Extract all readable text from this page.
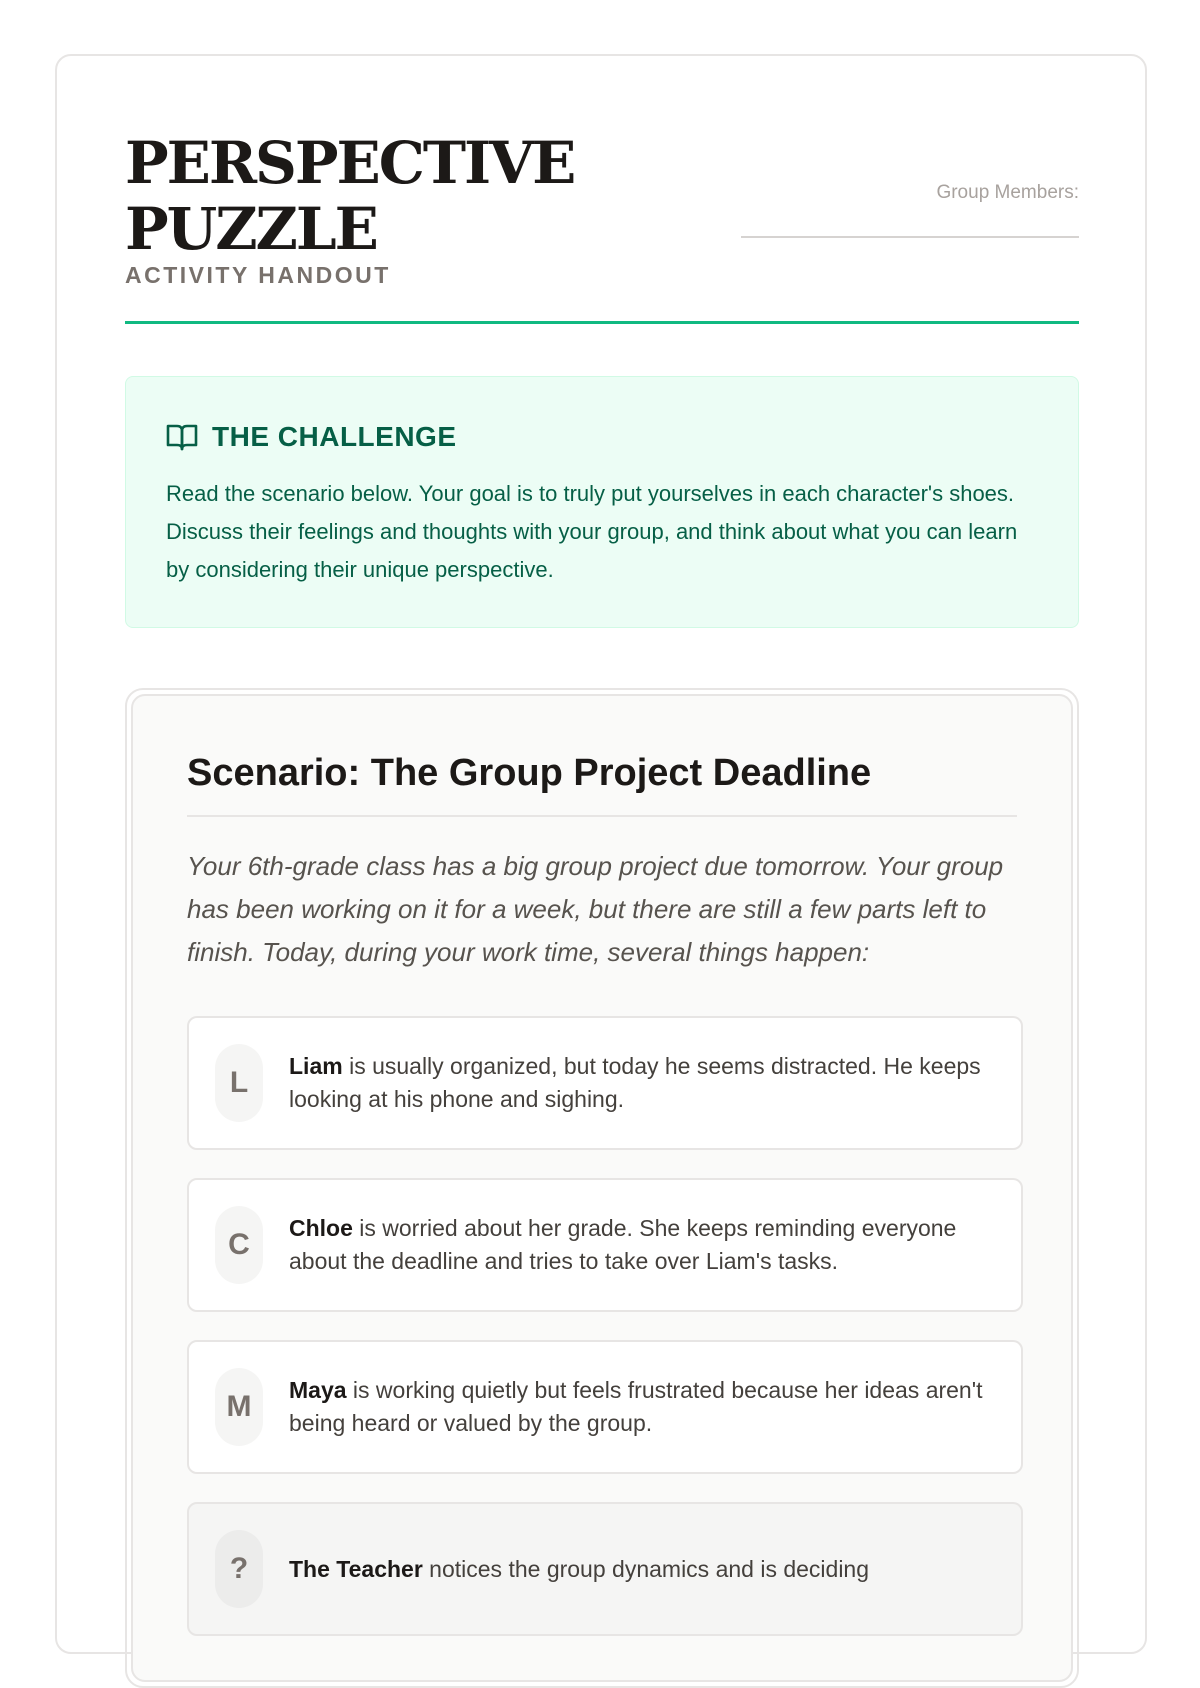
PERSPECTIVE PUZZLE
ACTIVITY HANDOUT
Group Members:
THE CHALLENGE

Read the scenario below. Your goal is to truly put yourselves in each character's shoes. Discuss their feelings and thoughts with your group, and think about what you can learn by considering their unique perspective.

Scenario: The Group Project Deadline

Your 6th-grade class has a big group project due tomorrow. Your group has been working on it for a week, but there are still a few parts left to finish. Today, during your work time, several things happen:

L	Liam is usually organized, but today he seems distracted. He keeps looking at his phone and sighing.

C	Chloe is worried about her grade. She keeps reminding everyone about the deadline and tries to take over Liam's tasks.

M	Maya is working quietly but feels frustrated because her ideas aren't being heard or valued by the group.

?	The Teacher notices the group dynamics and is deciding
